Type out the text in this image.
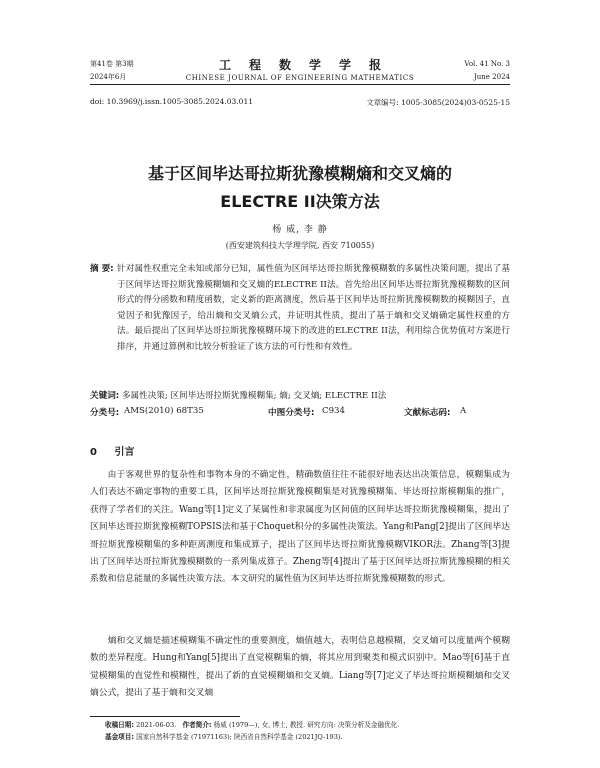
第41卷 第3期
2024年6月
工程数学学报
CHINESE JOURNAL OF ENGINEERING MATHEMATICS
Vol. 41 No. 3
June 2024
doi: 10.3969/j.issn.1005-3085.2024.03.011	文章编号: 1005-3085(2024)03-0525-15
基于区间毕达哥拉斯犹豫模糊熵和交叉熵的
ELECTRE II决策方法
杨 威, 李 静
(西安建筑科技大学理学院, 西安 710055)
摘 要: 针对属性权重完全未知或部分已知，属性值为区间毕达哥拉斯犹豫模糊数的多属性决策问题，提出了基于区间毕达哥拉斯犹豫模糊熵和交叉熵的ELECTRE II法。首先给出区间毕达哥拉斯犹豫模糊数的区间形式的得分函数和精度函数，定义新的距离测度，然后基于区间毕达哥拉斯犹豫模糊数的模糊因子，直觉因子和犹豫因子，给出熵和交叉熵公式，并证明其性质，提出了基于熵和交叉熵确定属性权重的方法。最后提出了区间毕达哥拉斯犹豫模糊环境下的改进的ELECTRE II法，利用综合优势值对方案进行排序，并通过算例和比较分析验证了该方法的可行性和有效性。
关键词: 多属性决策; 区间毕达哥拉斯犹豫模糊集; 熵; 交叉熵; ELECTRE II法
分类号: AMS(2010) 68T35	中图分类号: C934	文献标志码: A
0 引言
由于客观世界的复杂性和事物本身的不确定性，精确数值往往不能很好地表达出决策信息，模糊集成为人们表达不确定事物的重要工具，区间毕达哥拉斯犹豫模糊集是对犹豫模糊集、毕达哥拉斯模糊集的推广，获得了学者们的关注。Wang等[1]定义了某属性和非隶属度为区间值的区间毕达哥拉斯犹豫模糊集，提出了区间毕达哥拉斯犹豫模糊TOPSIS法和基于Choquet积分的多属性决策法。Yang和Pang[2]提出了区间毕达哥拉斯犹豫模糊集的多种距离测度和集成算子，提出了区间毕达哥拉斯犹豫模糊VIKOR法。Zhang等[3]提出了区间毕达哥拉斯犹豫模糊数的一系列集成算子。Zheng等[4]提出了基于区间毕达哥拉斯犹豫模糊的相关系数和信息能量的多属性决策方法。本文研究的属性值为区间毕达哥拉斯犹豫模糊数的形式。
熵和交叉熵是描述模糊集不确定性的重要测度，熵值越大，表明信息越模糊，交叉熵可以度量两个模糊数的差异程度。Hung和Yang[5]提出了直觉模糊集的熵，将其应用到聚类和模式识别中。Mao等[6]基于直觉模糊集的直觉性和模糊性，提出了新的直觉模糊熵和交叉熵。Liang等[7]定义了毕达哥拉斯模糊熵和交叉熵公式，提出了基于熵和交叉熵
收稿日期: 2021-06-03. 作者简介: 杨威 (1979—), 女, 博士, 教授. 研究方向: 决策分析及金融优化.
基金项目: 国家自然科学基金 (71971163); 陕西省自然科学基金 (2021JQ-193).
